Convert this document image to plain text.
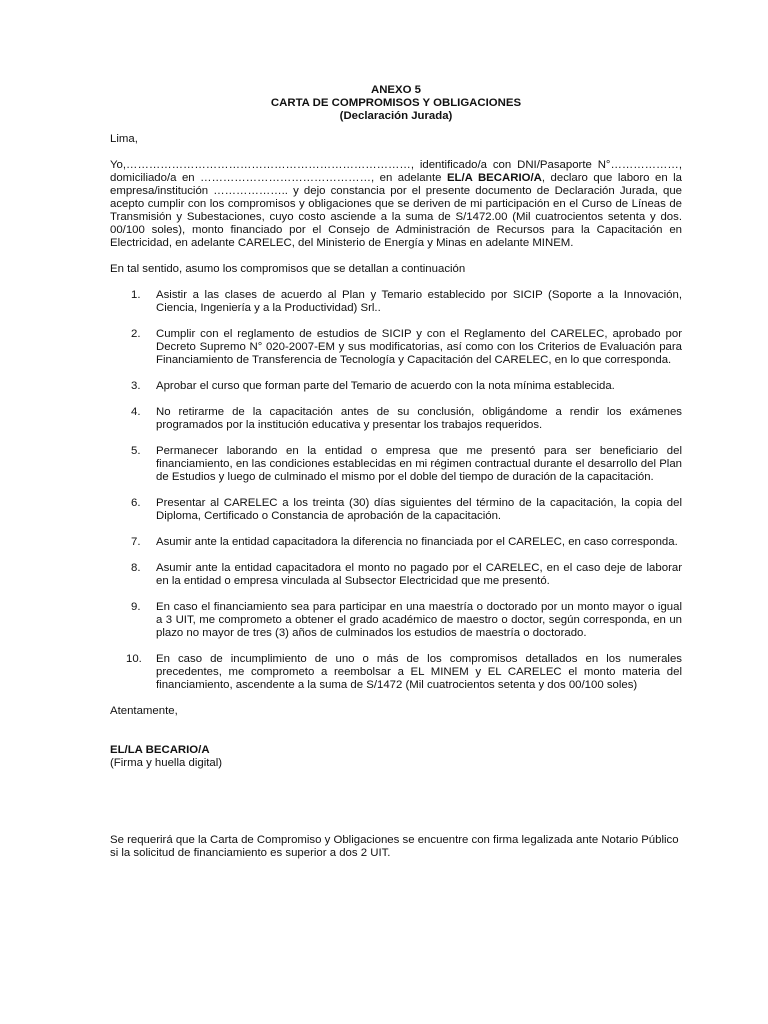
ANEXO 5
CARTA DE COMPROMISOS Y OBLIGACIONES
(Declaración Jurada)
Lima,
Yo,…………………………………………………………………, identificado/a con DNI/Pasaporte N°………………, domiciliado/a en ………………………………………, en adelante EL/A BECARIO/A, declaro que laboro en la empresa/institución ……………….. y dejo constancia por el presente documento de Declaración Jurada, que acepto cumplir con los compromisos y obligaciones que se deriven de mi participación en el Curso de Líneas de Transmisión y Subestaciones, cuyo costo asciende a la suma de S/1472.00 (Mil cuatrocientos setenta y dos. 00/100 soles), monto financiado por el Consejo de Administración de Recursos para la Capacitación en Electricidad, en adelante CARELEC, del Ministerio de Energía y Minas en adelante MINEM.
En tal sentido, asumo los compromisos que se detallan a continuación
1. Asistir a las clases de acuerdo al Plan y Temario establecido por SICIP (Soporte a la Innovación, Ciencia, Ingeniería y a la Productividad) Srl..
2. Cumplir con el reglamento de estudios de SICIP y con el Reglamento del CARELEC, aprobado por Decreto Supremo N° 020-2007-EM y sus modificatorias, así como con los Criterios de Evaluación para Financiamiento de Transferencia de Tecnología y Capacitación del CARELEC, en lo que corresponda.
3. Aprobar el curso que forman parte del Temario de acuerdo con la nota mínima establecida.
4. No retirarme de la capacitación antes de su conclusión, obligándome a rendir los exámenes programados por la institución educativa y presentar los trabajos requeridos.
5. Permanecer laborando en la entidad o empresa que me presentó para ser beneficiario del financiamiento, en las condiciones establecidas en mi régimen contractual durante el desarrollo del Plan de Estudios y luego de culminado el mismo por el doble del tiempo de duración de la capacitación.
6. Presentar al CARELEC a los treinta (30) días siguientes del término de la capacitación, la copia del Diploma, Certificado o Constancia de aprobación de la capacitación.
7. Asumir ante la entidad capacitadora la diferencia no financiada por el CARELEC, en caso corresponda.
8. Asumir ante la entidad capacitadora el monto no pagado por el CARELEC, en el caso deje de laborar en la entidad o empresa vinculada al Subsector Electricidad que me presentó.
9. En caso el financiamiento sea para participar en una maestría o doctorado por un monto mayor o igual a 3 UIT, me comprometo a obtener el grado académico de maestro o doctor, según corresponda, en un plazo no mayor de tres (3) años de culminados los estudios de maestría o doctorado.
10. En caso de incumplimiento de uno o más de los compromisos detallados en los numerales precedentes, me comprometo a reembolsar a EL MINEM y EL CARELEC el monto materia del financiamiento, ascendente a la suma de S/1472 (Mil cuatrocientos setenta y dos 00/100 soles)
Atentamente,
EL/LA BECARIO/A
(Firma y huella digital)
Se requerirá que la Carta de Compromiso y Obligaciones se encuentre con firma legalizada ante Notario Público si la solicitud de financiamiento es superior a dos 2 UIT.
